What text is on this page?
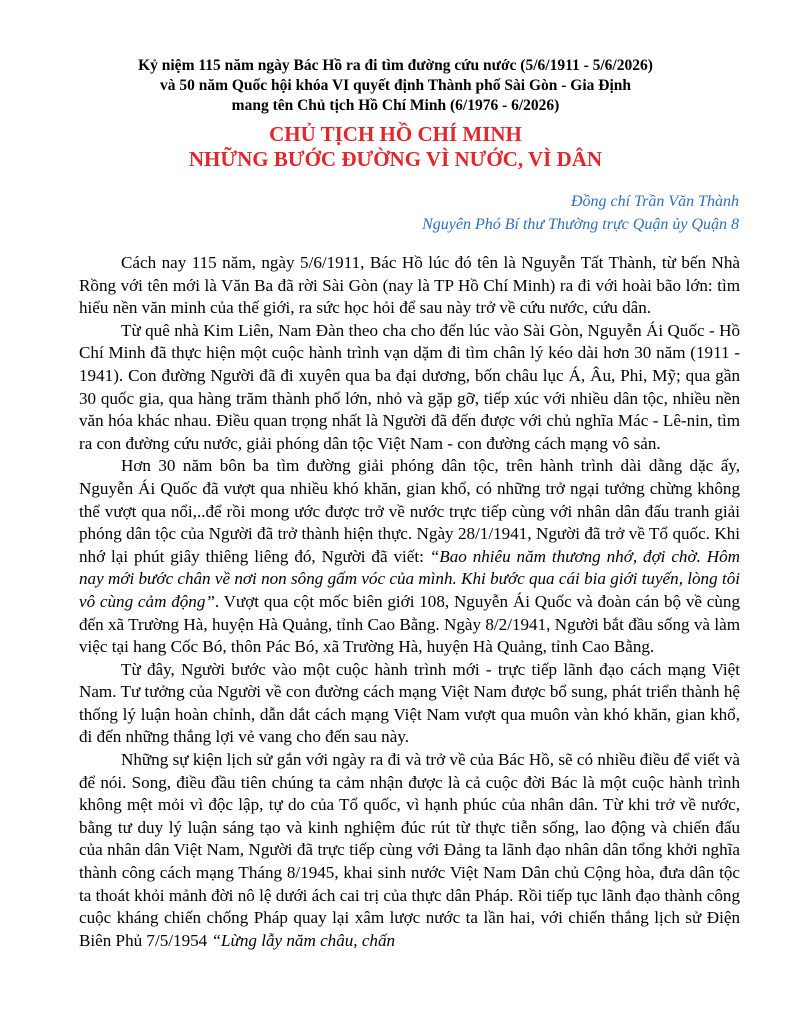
Kỷ niệm 115 năm ngày Bác Hồ ra đi tìm đường cứu nước (5/6/1911 - 5/6/2026)
và 50 năm Quốc hội khóa VI quyết định Thành phố Sài Gòn - Gia Định
mang tên Chủ tịch Hồ Chí Minh (6/1976 - 6/2026)
CHỦ TỊCH HỒ CHÍ MINH
NHỮNG BƯỚC ĐƯỜNG VÌ NƯỚC, VÌ DÂN
Đồng chí Trần Văn Thành
Nguyên Phó Bí thư Thường trực Quận ủy Quận 8

Cách nay 115 năm, ngày 5/6/1911, Bác Hồ lúc đó tên là Nguyễn Tất Thành, từ bến Nhà Rồng với tên mới là Văn Ba đã rời Sài Gòn (nay là TP Hồ Chí Minh) ra đi với hoài bão lớn: tìm hiểu nền văn minh của thế giới, ra sức học hỏi để sau này trở về cứu nước, cứu dân.

Từ quê nhà Kim Liên, Nam Đàn theo cha cho đến lúc vào Sài Gòn, Nguyễn Ái Quốc - Hồ Chí Minh đã thực hiện một cuộc hành trình vạn dặm đi tìm chân lý kéo dài hơn 30 năm (1911 - 1941). Con đường Người đã đi xuyên qua ba đại dương, bốn châu lục Á, Âu, Phi, Mỹ; qua gần 30 quốc gia, qua hàng trăm thành phố lớn, nhỏ và gặp gỡ, tiếp xúc với nhiều dân tộc, nhiều nền văn hóa khác nhau. Điều quan trọng nhất là Người đã đến được với chủ nghĩa Mác - Lê-nin, tìm ra con đường cứu nước, giải phóng dân tộc Việt Nam - con đường cách mạng vô sản.

Hơn 30 năm bôn ba tìm đường giải phóng dân tộc, trên hành trình dài dằng dặc ấy, Nguyễn Ái Quốc đã vượt qua nhiều khó khăn, gian khổ, có những trở ngại tưởng chừng không thể vượt qua nổi,..để rồi mong ước được trở về nước trực tiếp cùng với nhân dân đấu tranh giải phóng dân tộc của Người đã trở thành hiện thực. Ngày 28/1/1941, Người đã trở về Tổ quốc. Khi nhớ lại phút giây thiêng liêng đó, Người đã viết: “Bao nhiêu năm thương nhớ, đợi chờ. Hôm nay mới bước chân về nơi non sông gấm vóc của mình. Khi bước qua cái bia giới tuyến, lòng tôi vô cùng cảm động”. Vượt qua cột mốc biên giới 108, Nguyễn Ái Quốc và đoàn cán bộ về cùng đến xã Trường Hà, huyện Hà Quảng, tỉnh Cao Bằng. Ngày 8/2/1941, Người bắt đầu sống và làm việc tại hang Cốc Bó, thôn Pác Bó, xã Trường Hà, huyện Hà Quảng, tỉnh Cao Bằng.

Từ đây, Người bước vào một cuộc hành trình mới - trực tiếp lãnh đạo cách mạng Việt Nam. Tư tưởng của Người về con đường cách mạng Việt Nam được bổ sung, phát triển thành hệ thống lý luận hoàn chỉnh, dẫn dắt cách mạng Việt Nam vượt qua muôn vàn khó khăn, gian khổ, đi đến những thắng lợi vẻ vang cho đến sau này.

Những sự kiện lịch sử gắn với ngày ra đi và trở về của Bác Hồ, sẽ có nhiều điều để viết và để nói. Song, điều đầu tiên chúng ta cảm nhận được là cả cuộc đời Bác là một cuộc hành trình không mệt mỏi vì độc lập, tự do của Tổ quốc, vì hạnh phúc của nhân dân. Từ khi trở về nước, bằng tư duy lý luận sáng tạo và kinh nghiệm đúc rút từ thực tiễn sống, lao động và chiến đấu của nhân dân Việt Nam, Người đã trực tiếp cùng với Đảng ta lãnh đạo nhân dân tổng khởi nghĩa thành công cách mạng Tháng 8/1945, khai sinh nước Việt Nam Dân chủ Cộng hòa, đưa dân tộc ta thoát khỏi mảnh đời nô lệ dưới ách cai trị của thực dân Pháp. Rồi tiếp tục lãnh đạo thành công cuộc kháng chiến chống Pháp quay lại xâm lược nước ta lần hai, với chiến thắng lịch sử Điện Biên Phủ 7/5/1954 “Lừng lẫy năm châu, chấn
